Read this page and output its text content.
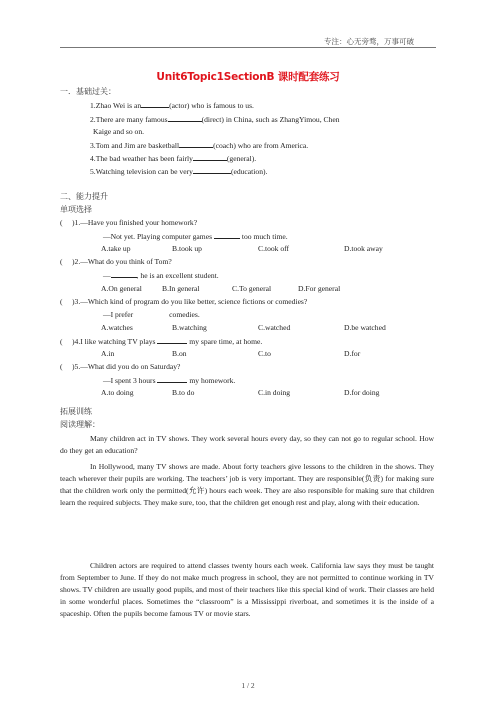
专注：心无旁骛，万事可破
Unit6Topic1SectionB 课时配套练习
一．基础过关：
1.Zhao Wei is an	(actor) who is famous to us.
2.There are many famous	(direct) in China, such as ZhangYimou, Chen
Kaige and so on.
3.Tom and Jim are basketball	(coach) who are from America.
4.The bad weather has been fairly	(general).
5.Watching television can be very	(education).
二、能力提升
单项选择
(　 )1.—Have you finished your homework?
—Not yet. Playing computer games	too much time.
A.take up	B.took up	C.took off	D.took away
(　 )2.—What do you think of Tom?
—	, he is an excellent student.
A.On general	B.In general	C.To general	D.For general
(　 )3.—Which kind of program do you like better, science fictions or comedies?
—I prefer	comedies.
A.watches	B.watching	C.watched	D.be watched
(　 )4.I like watching TV plays	my spare time, at home.
A.in	B.on	C.to	D.for
(　 )5.—What did you do on Saturday?
—I spent 3 hours	my homework.
A.to doing	B.to do	C.in doing	D.for doing
拓展训练
阅读理解：
Many children act in TV shows. They work several hours every day, so they can not go to regular school. How do they get an education?
In Hollywood, many TV shows are made. About forty teachers give lessons to the children in the shows. They teach wherever their pupils are working. The teachers’ job is very important. They are responsible(负责) for making sure that the children work only the permitted(允许) hours each week. They are also responsible for making sure that children learn the required subjects. They make sure, too, that the children get enough rest and play, along with their education.
Children actors are required to attend classes twenty hours each week. California law says they must be taught from September to June. If they do not make much progress in school, they are not permitted to continue working in TV shows. TV children are usually good pupils, and most of their teachers like this special kind of work. Their classes are held in some wonderful places. Sometimes the “classroom” is a Mississippi riverboat, and sometimes it is the inside of a spaceship. Often the pupils become famous TV or movie stars.
1 / 2
